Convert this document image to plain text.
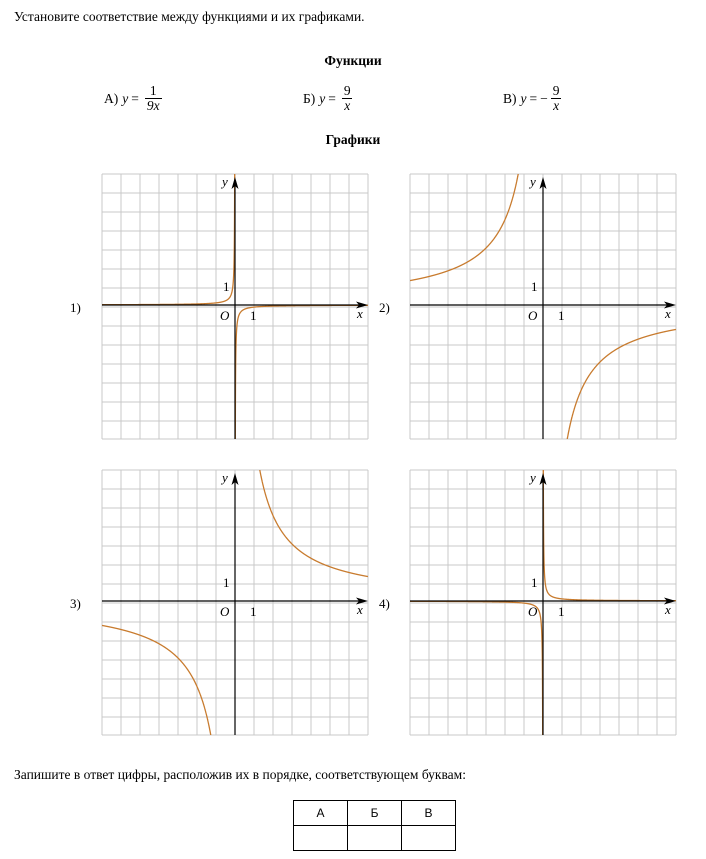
Установите соответствие между функциями и их графиками.
Функции
А) $y = \frac{1}{9x}$	Б) $y = \frac{9}{x}$	В) y = − $\frac{9}{x}$
Графики
1)	2)
3)	4)
x
y
O 1
1
x
y
O 1
1
x
y
O 1
1
x
y
O 1
1
Запишите в ответ цифры, расположив их в порядке, соответствующем буквам:
А	Б	В
